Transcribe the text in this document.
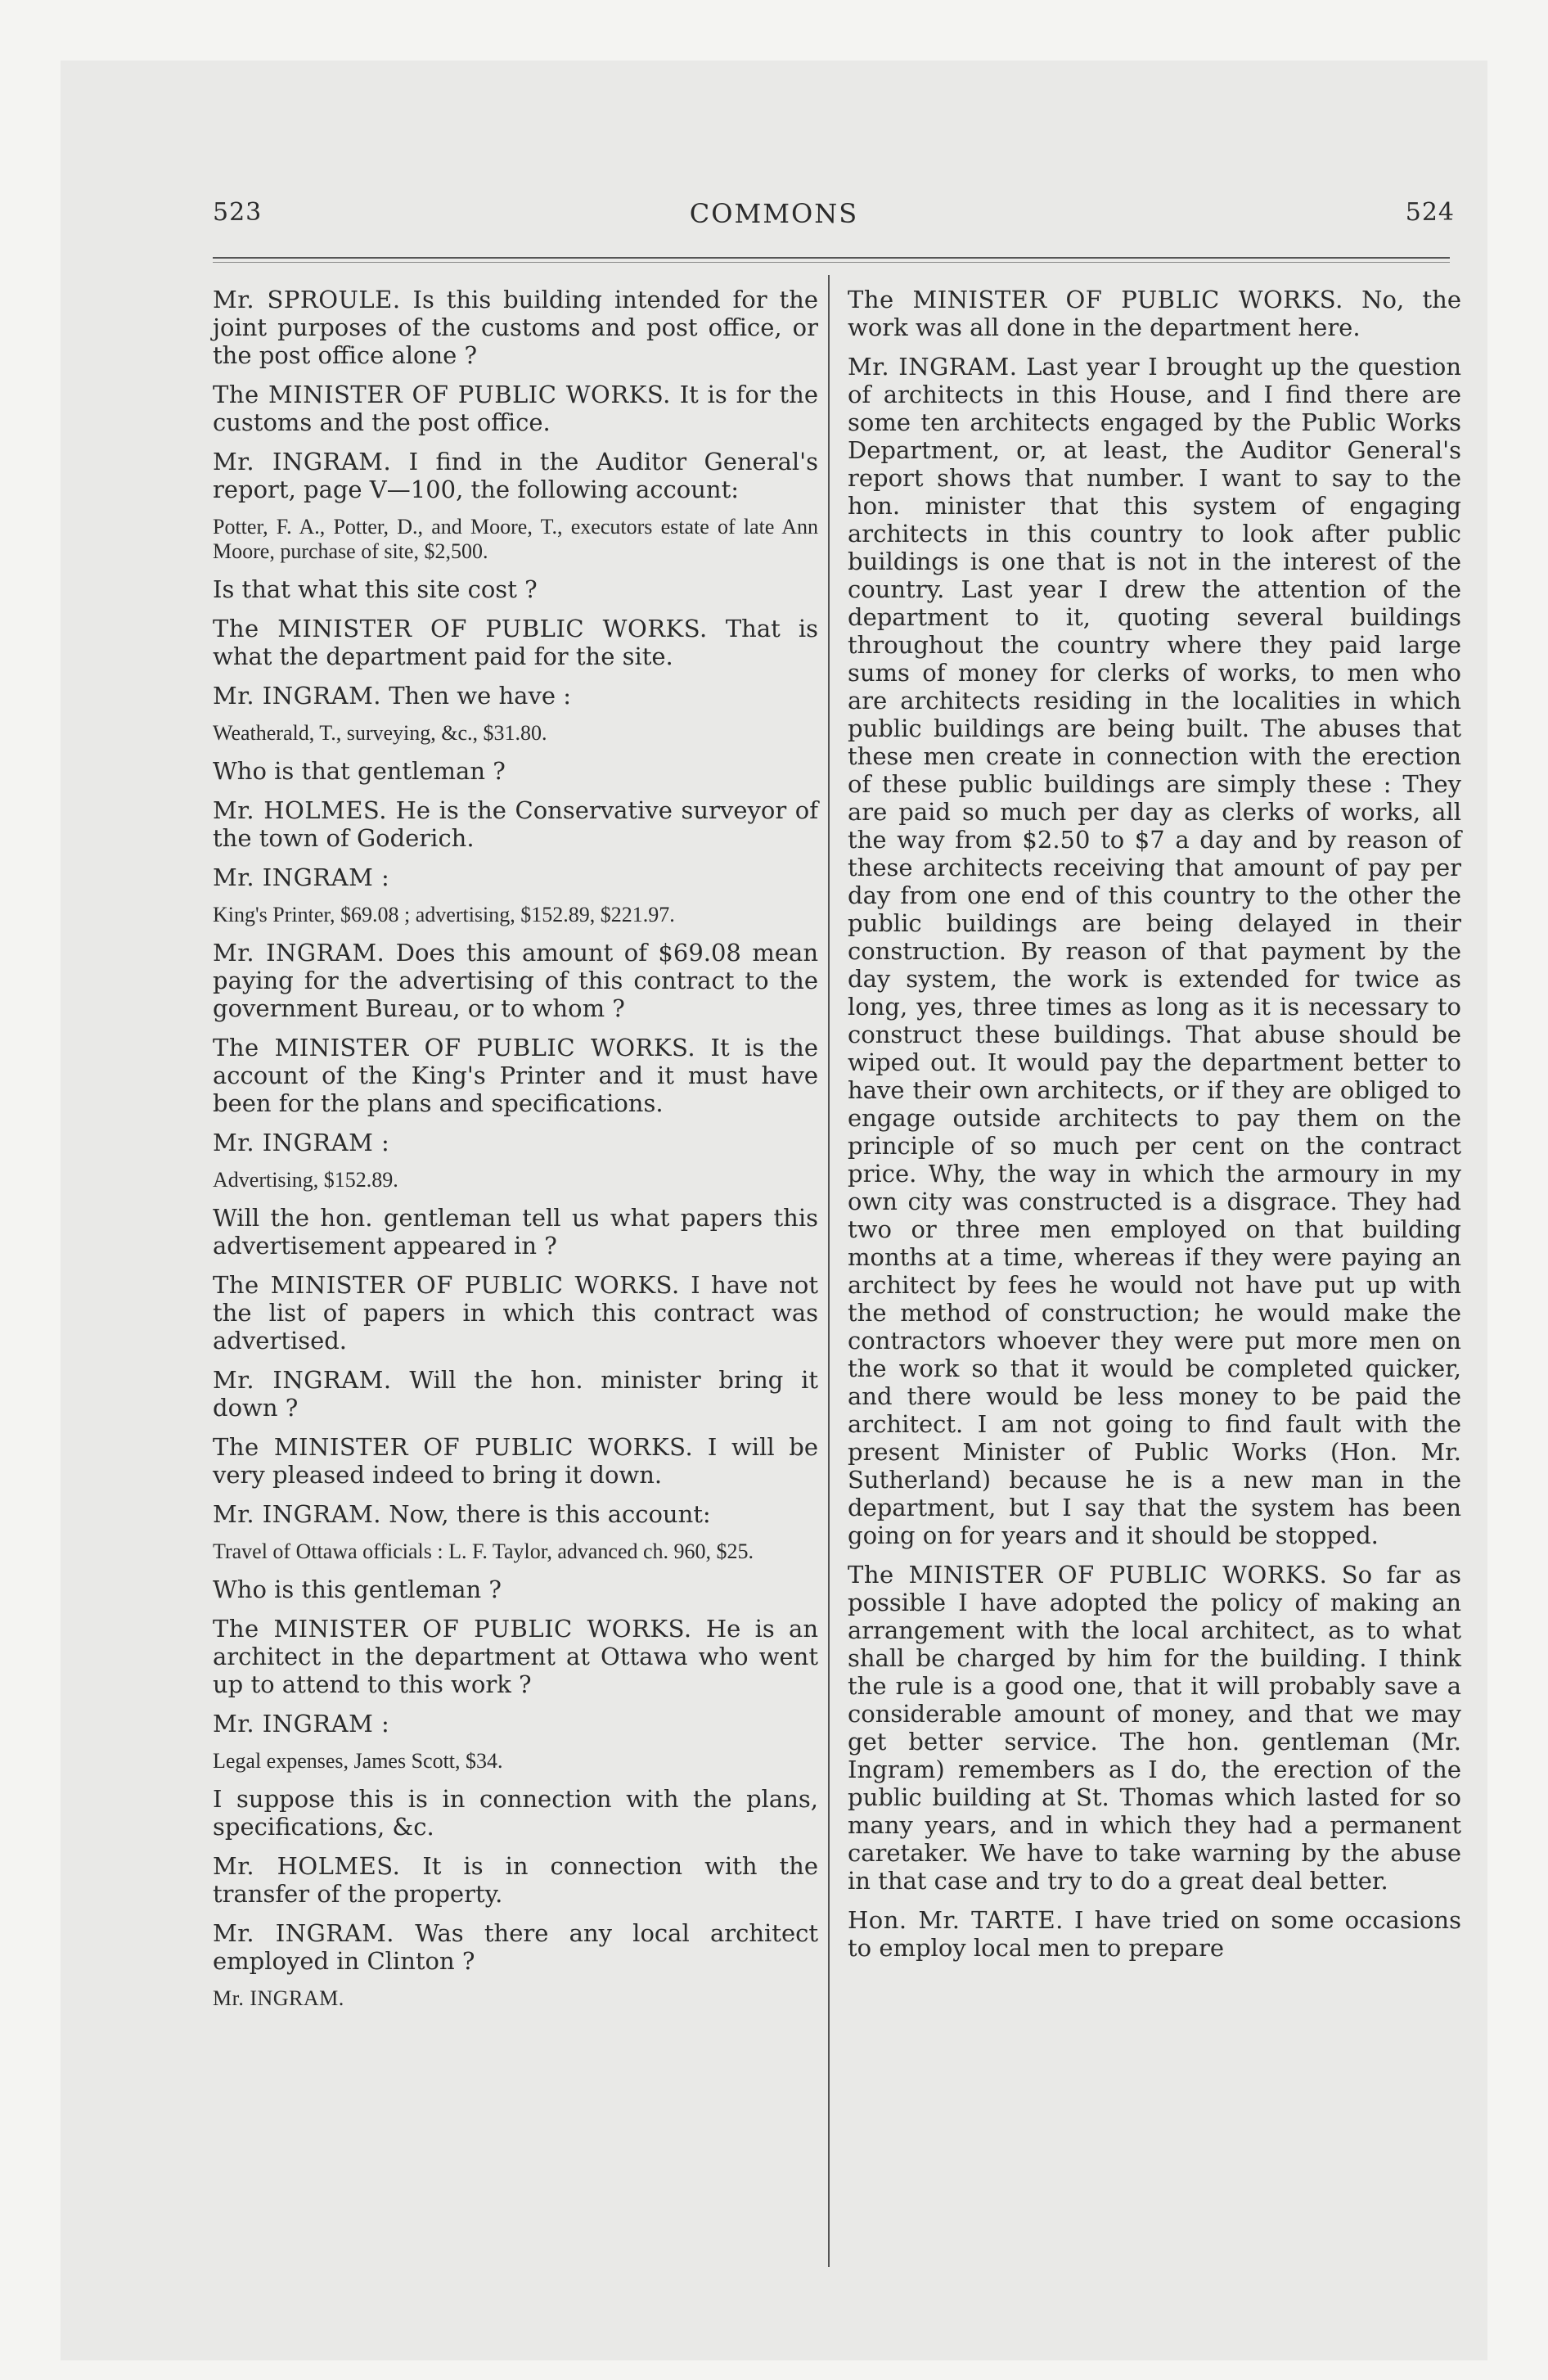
523	COMMONS	524

Mr. SPROULE. Is this building intended for the joint purposes of the customs and post office, or the post office alone ?

The MINISTER OF PUBLIC WORKS. It is for the customs and the post office.

Mr. INGRAM. I find in the Auditor General's report, page V—100, the following account:

Potter, F. A., Potter, D., and Moore, T., executors estate of late Ann Moore, purchase of site, $2,500.

Is that what this site cost ?

The MINISTER OF PUBLIC WORKS. That is what the department paid for the site.

Mr. INGRAM. Then we have :

Weatherald, T., surveying, &c., $31.80.

Who is that gentleman ?

Mr. HOLMES. He is the Conservative surveyor of the town of Goderich.

Mr. INGRAM :

King's Printer, $69.08 ; advertising, $152.89, $221.97.

Mr. INGRAM. Does this amount of $69.08 mean paying for the advertising of this contract to the government Bureau, or to whom ?

The MINISTER OF PUBLIC WORKS. It is the account of the King's Printer and it must have been for the plans and specifications.

Mr. INGRAM :

Advertising, $152.89.

Will the hon. gentleman tell us what papers this advertisement appeared in ?

The MINISTER OF PUBLIC WORKS. I have not the list of papers in which this contract was advertised.

Mr. INGRAM. Will the hon. minister bring it down ?

The MINISTER OF PUBLIC WORKS. I will be very pleased indeed to bring it down.

Mr. INGRAM. Now, there is this account:

Travel of Ottawa officials : L. F. Taylor, advanced ch. 960, $25.

Who is this gentleman ?

The MINISTER OF PUBLIC WORKS. He is an architect in the department at Ottawa who went up to attend to this work ?

Mr. INGRAM :

Legal expenses, James Scott, $34.

I suppose this is in connection with the plans, specifications, &c.

Mr. HOLMES. It is in connection with the transfer of the property.

Mr. INGRAM. Was there any local architect employed in Clinton ?

Mr. INGRAM.

The MINISTER OF PUBLIC WORKS. No, the work was all done in the department here.

Mr. INGRAM. Last year I brought up the question of architects in this House, and I find there are some ten architects engaged by the Public Works Department, or, at least, the Auditor General's report shows that number. I want to say to the hon. minister that this system of engaging architects in this country to look after public buildings is one that is not in the interest of the country. Last year I drew the attention of the department to it, quoting several buildings throughout the country where they paid large sums of money for clerks of works, to men who are architects residing in the localities in which public buildings are being built. The abuses that these men create in connection with the erection of these public buildings are simply these : They are paid so much per day as clerks of works, all the way from $2.50 to $7 a day and by reason of these architects receiving that amount of pay per day from one end of this country to the other the public buildings are being delayed in their construction. By reason of that payment by the day system, the work is extended for twice as long, yes, three times as long as it is necessary to construct these buildings. That abuse should be wiped out. It would pay the department better to have their own architects, or if they are obliged to engage outside architects to pay them on the principle of so much per cent on the contract price. Why, the way in which the armoury in my own city was constructed is a disgrace. They had two or three men employed on that building months at a time, whereas if they were paying an architect by fees he would not have put up with the method of construction; he would make the contractors whoever they were put more men on the work so that it would be completed quicker, and there would be less money to be paid the architect. I am not going to find fault with the present Minister of Public Works (Hon. Mr. Sutherland) because he is a new man in the department, but I say that the system has been going on for years and it should be stopped.

The MINISTER OF PUBLIC WORKS. So far as possible I have adopted the policy of making an arrangement with the local architect, as to what shall be charged by him for the building. I think the rule is a good one, that it will probably save a considerable amount of money, and that we may get better service. The hon. gentleman (Mr. Ingram) remembers as I do, the erection of the public building at St. Thomas which lasted for so many years, and in which they had a permanent caretaker. We have to take warning by the abuse in that case and try to do a great deal better.

Hon. Mr. TARTE. I have tried on some occasions to employ local men to prepare
